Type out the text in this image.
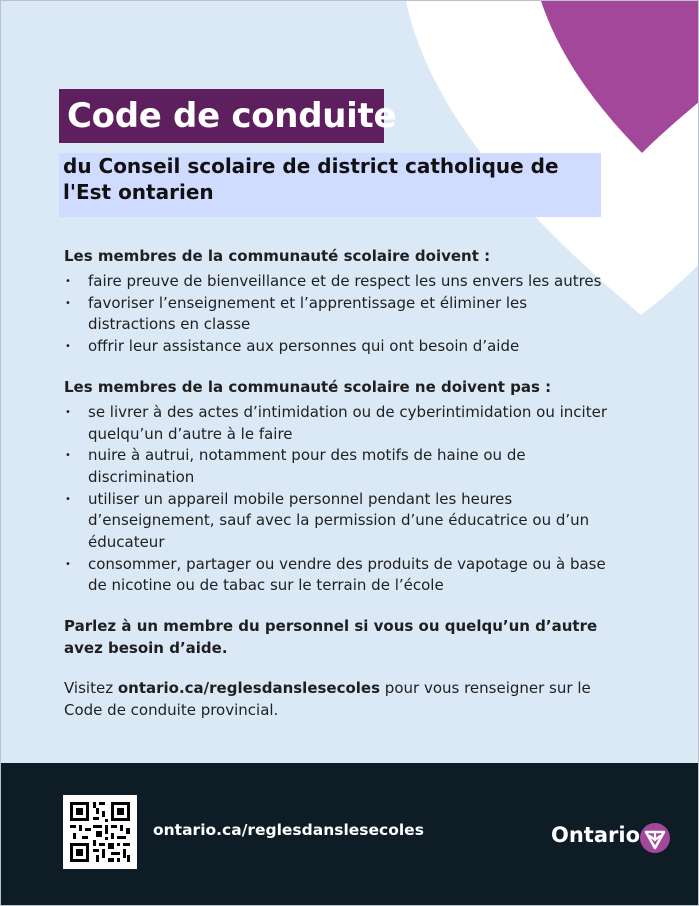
Code de conduite
du Conseil scolaire de district catholique de l'Est ontarien

Les membres de la communauté scolaire doivent :

• faire preuve de bienveillance et de respect les uns envers les autres
• favoriser l’enseignement et l’apprentissage et éliminer les distractions en classe
• offrir leur assistance aux personnes qui ont besoin d’aide

Les membres de la communauté scolaire ne doivent pas :

• se livrer à des actes d’intimidation ou de cyberintimidation ou inciter quelqu’un d’autre à le faire
• nuire à autrui, notamment pour des motifs de haine ou de discrimination
• utiliser un appareil mobile personnel pendant les heures d’enseignement, sauf avec la permission d’une éducatrice ou d’un éducateur
• consommer, partager ou vendre des produits de vapotage ou à base de nicotine ou de tabac sur le terrain de l’école

Parlez à un membre du personnel si vous ou quelqu’un d’autre avez besoin d’aide.

Visitez ontario.ca/reglesdanslesecoles pour vous renseigner sur le Code de conduite provincial.

ontario.ca/reglesdanslesecoles	Ontario
